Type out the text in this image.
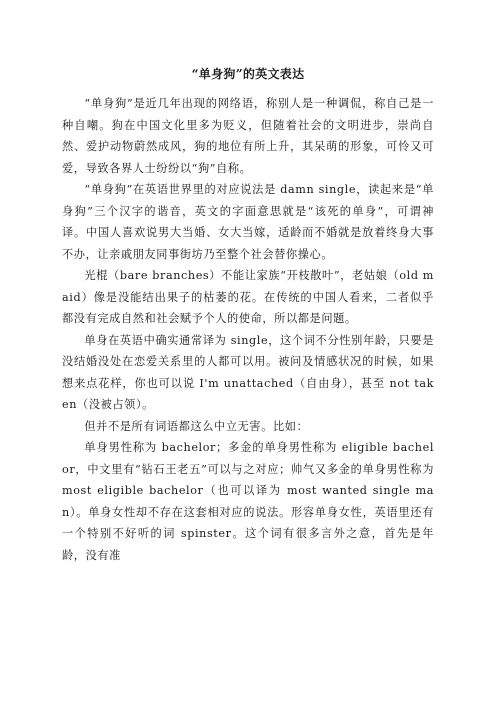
“单身狗”的英文表达

“单身狗”是近几年出现的网络语，称别人是一种调侃，称自己是一种自嘲。狗在中国文化里多为贬义，但随着社会的文明进步，崇尚自然、爱护动物蔚然成风，狗的地位有所上升，其呆萌的形象，可怜又可爱，导致各界人士纷纷以“狗”自称。

“单身狗”在英语世界里的对应说法是 damn single，读起来是“单身狗”三个汉字的谐音，英文的字面意思就是“该死的单身”，可谓神译。中国人喜欢说男大当婚、女大当嫁，适龄而不婚就是放着终身大事不办，让亲戚朋友同事街坊乃至整个社会替你操心。

光棍（bare branches）不能让家族“开枝散叶”，老姑娘（old maid）像是没能结出果子的枯萎的花。在传统的中国人看来，二者似乎都没有完成自然和社会赋予个人的使命，所以都是问题。

单身在英语中确实通常译为 single，这个词不分性别年龄，只要是没结婚没处在恋爱关系里的人都可以用。被问及情感状况的时候，如果想来点花样，你也可以说 I'm unattached（自由身），甚至 not taken（没被占领）。

但并不是所有词语都这么中立无害。比如：

单身男性称为 bachelor；多金的单身男性称为 eligible bachelor，中文里有“钻石王老五”可以与之对应；帅气又多金的单身男性称为 most eligible bachelor（也可以译为 most wanted single man）。单身女性却不存在这套相对应的说法。形容单身女性，英语里还有一个特别不好听的词 spinster。这个词有很多言外之意，首先是年龄，没有准
